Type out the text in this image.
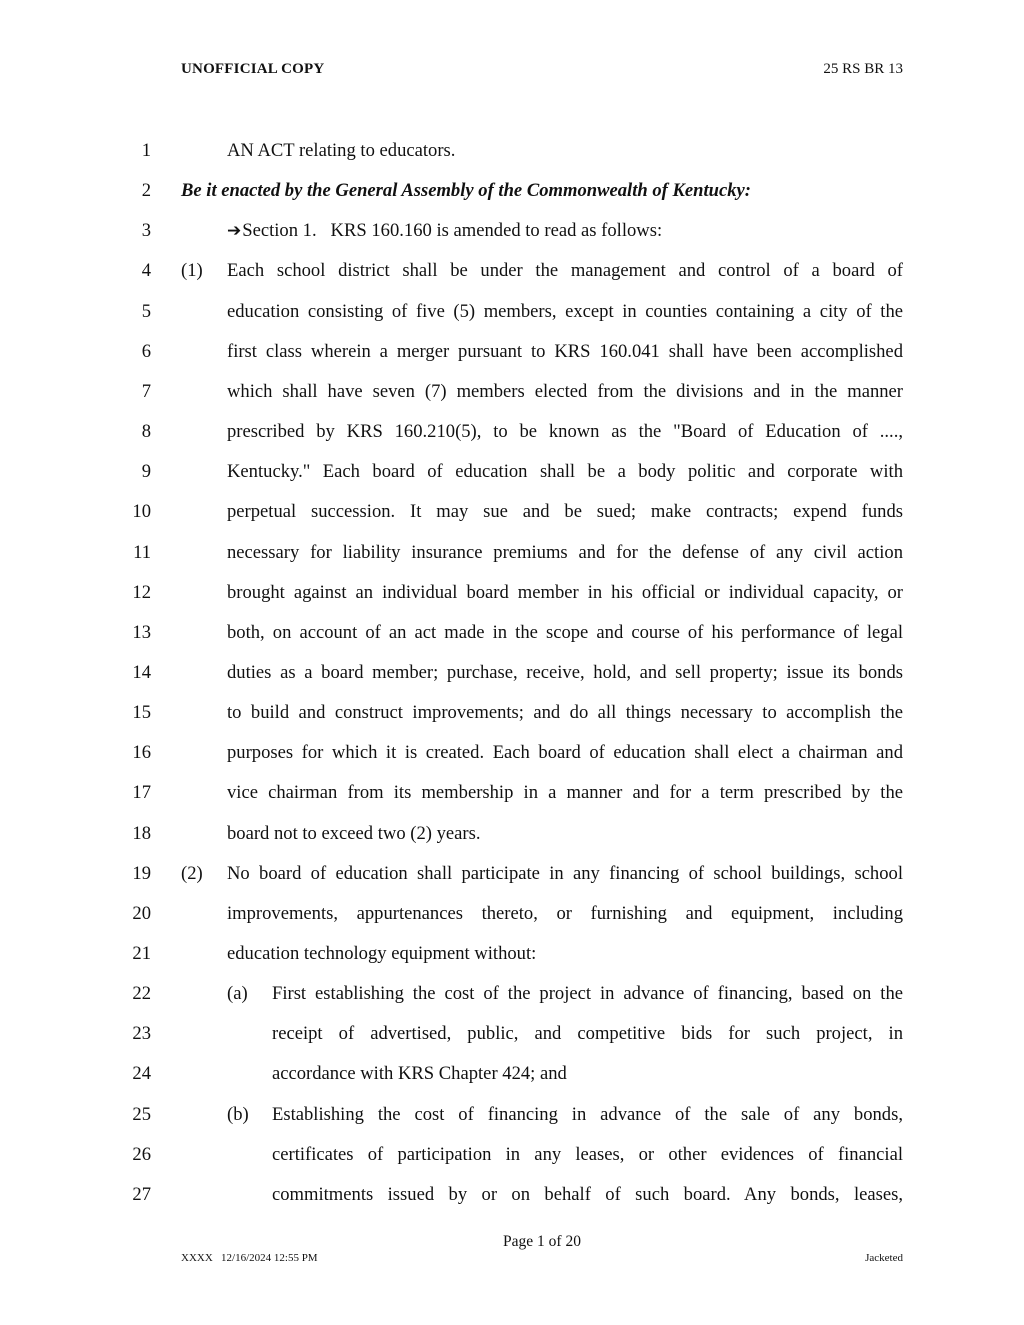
UNOFFICIAL COPY	25 RS BR 13
1	AN ACT relating to educators.
2 Be it enacted by the General Assembly of the Commonwealth of Kentucky:
3	➔Section 1.   KRS 160.160 is amended to read as follows:
4 (1) Each school district shall be under the management and control of a board of
5	education consisting of five (5) members, except in counties containing a city of the
6	first class wherein a merger pursuant to KRS 160.041 shall have been accomplished
7	which shall have seven (7) members elected from the divisions and in the manner
8	prescribed by KRS 160.210(5), to be known as the "Board of Education of ....,
9	Kentucky." Each board of education shall be a body politic and corporate with
10	perpetual succession. It may sue and be sued; make contracts; expend funds
11	necessary for liability insurance premiums and for the defense of any civil action
12	brought against an individual board member in his official or individual capacity, or
13	both, on account of an act made in the scope and course of his performance of legal
14	duties as a board member; purchase, receive, hold, and sell property; issue its bonds
15	to build and construct improvements; and do all things necessary to accomplish the
16	purposes for which it is created. Each board of education shall elect a chairman and
17	vice chairman from its membership in a manner and for a term prescribed by the
18	board not to exceed two (2) years.
19 (2) No board of education shall participate in any financing of school buildings, school
20	improvements, appurtenances thereto, or furnishing and equipment, including
21	education technology equipment without:
22	(a) First establishing the cost of the project in advance of financing, based on the
23	receipt of advertised, public, and competitive bids for such project, in
24	accordance with KRS Chapter 424; and
25	(b) Establishing the cost of financing in advance of the sale of any bonds,
26	certificates of participation in any leases, or other evidences of financial
27	commitments issued by or on behalf of such board. Any bonds, leases,
Page 1 of 20
XXXX   12/16/2024 12:55 PM	Jacketed
